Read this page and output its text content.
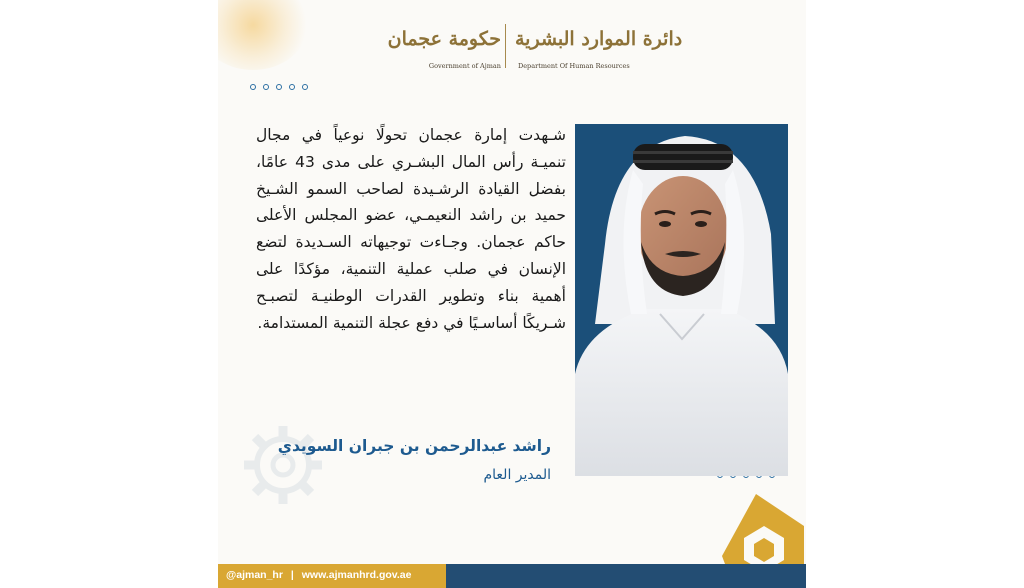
حكومة عجمان
Government of Ajman
دائرة الموارد البشرية
Department Of Human Resources
شـهدت إمارة عجمان تحولًا نوعياً في مجال تنميـة رأس المال البشـري على مدى 43 عامًا، بفضل القيادة الرشـيدة لصاحب السمو الشـيخ حميد بن راشد النعيمـي، عضو المجلس الأعلى حاكم عجمان. وجـاءت توجيهاته السـديدة لتضع الإنسان في صلب عملية التنمية، مؤكدًا على أهمية بناء وتطوير القدرات الوطنيـة لتصبـح شـريكًا أساسـيًا في دفع عجلة التنمية المستدامة.
راشد عبدالرحمن بن جبران السويدي
المدير العام
@ajman_hr | www.ajmanhrd.gov.ae
